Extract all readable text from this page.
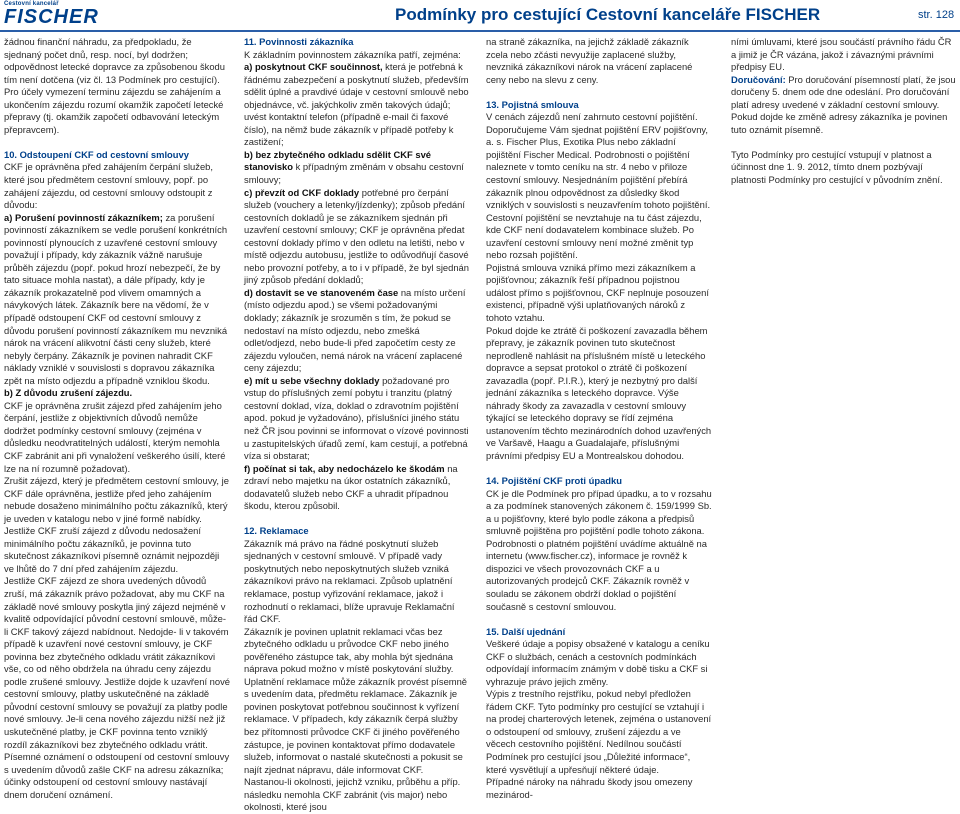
Cestovní kancelář
FISCHER	Podmínky pro cestující Cestovní kanceláře FISCHER	str. 128

žádnou finanční náhradu, za předpokladu, že sjednaný počet dnů, resp. nocí, byl dodržen; odpovědnost letecké dopravce za způsobenou škodu tím není dotčena (viz čl. 13 Podmínek pro cestující). Pro účely vymezení terminu zájezdu se zahájením a ukončením zájezdu rozumí okamžik započetí letecké přepravy (tj. okamžik započetí odbavování leteckým přepravcem).

10. Odstoupení CKF od cestovní smlouvy

CKF je oprávněna před zahájením čerpání služeb, které jsou předmětem cestovní smlouvy, popř. po zahájení zájezdu, od cestovní smlouvy odstoupit z důvodu:

a) Porušení povinností zákazníkem; za porušení povinností zákazníkem se vedle porušení konkrétních povinností plynoucích z uzavřené cestovní smlouvy považují i případy, kdy zákazník vážně narušuje průběh zájezdu (popř. pokud hrozí nebezpečí, že by tato situace mohla nastat), a dále případy, kdy je zákazník prokazatelně pod vlivem omamných a návykových látek. Zákazník bere na vědomí, že v případě odstoupení CKF od cestovní smlouvy z důvodu porušení povinností zákazníkem mu nevzniká nárok na vrácení alikvotní části ceny služeb, které nebyly čerpány. Zákazník je povinen nahradit CKF náklady vzniklé v souvislosti s dopravou zákazníka zpět na místo odjezdu a případně vzniklou škodu.

b) Z důvodu zrušení zájezdu.

CKF je oprávněna zrušit zájezd před zahájením jeho čerpání, jestliže z objektivních důvodů nemůže dodržet podmínky cestovní smlouvy (zejména v důsledku neodvratitelných událostí, kterým nemohla CKF zabránit ani při vynaložení veškerého úsilí, které lze na ní rozumně požadovat).

Zrušit zájezd, který je předmětem cestovní smlouvy, je CKF dále oprávněna, jestliže před jeho zahájením nebude dosaženo minimálního počtu zákazníků, který je uveden v katalogu nebo v jiné formě nabídky. Jestliže CKF zruší zájezd z důvodu nedosažení minimálního počtu zákazníků, je povinna tuto skutečnost zákazníkovi písemně oznámit nejpozději ve lhůtě do 7 dní před zahájením zájezdu.

Jestliže CKF zájezd ze shora uvedených důvodů zruší, má zákazník právo požadovat, aby mu CKF na základě nové smlouvy poskytla jiný zájezd nejméně v kvalitě odpovídající původní cestovní smlouvě, může-li CKF takový zájezd nabídnout. Nedojde- li v takovém případě k uzavření nové cestovní smlouvy, je CKF povinna bez zbytečného odkladu vrátit zákazníkovi vše, co od něho obdržela na úhradu ceny zájezdu podle zrušené smlouvy. Jestliže dojde k uzavření nové cestovní smlouvy, platby uskutečněné na základě původní cestovní smlouvy se považují za platby podle nové smlouvy. Je-li cena nového zájezdu nižší než již uskutečněné platby, je CKF povinna tento vzniklý rozdíl zákazníkovi bez zbytečného odkladu vrátit.

Písemné oznámení o odstoupení od cestovní smlouvy s uvedením důvodů zašle CKF na adresu zákazníka; účinky odstoupení od cestovní smlouvy nastávají dnem doručení oznámení.

11. Povinnosti zákazníka

K základním povinnostem zákazníka patří, zejména:

a) poskytnout CKF součinnost, která je potřebná k řádnému zabezpečení a poskytnutí služeb, především sdělit úplné a pravdivé údaje v cestovní smlouvě nebo objednávce, vč. jakýchkoliv změn takových údajů; uvést kontaktní telefon (případně e-mail či faxové číslo), na němž bude zákazník v případě potřeby k zastižení;

b) bez zbytečného odkladu sdělit CKF své stanovisko k případným změnám v obsahu cestovní smlouvy;

c) převzít od CKF doklady potřebné pro čerpání služeb (vouchery a letenky/jízdenky); způsob předání cestovních dokladů je se zákazníkem sjednán při uzavření cestovní smlouvy; CKF je oprávněna předat cestovní doklady přímo v den odletu na letišti, nebo v místě odjezdu autobusu, jestliže to odůvodňují časové nebo provozní potřeby, a to i v případě, že byl sjednán jiný způsob předání dokladů;

d) dostavit se ve stanoveném čase na místo určení (místo odjezdu apod.) se všemi požadovanými doklady; zákazník je srozuměn s tím, že pokud se nedostaví na místo odjezdu, nebo zmešká odlet/odjezd, nebo bude-li před započetím cesty ze zájezdu vyloučen, nemá nárok na vrácení zaplacené ceny zájezdu;

e) mít u sebe všechny doklady požadované pro vstup do příslušných zemí pobytu i tranzitu (platný cestovní doklad, víza, doklad o zdravotním pojištění apod. pokud je vyžadováno), příslušníci jiného státu než ČR jsou povinni se informovat o vízové povinnosti u zastupitelských úřadů zemí, kam cestují, a potřebná víza si obstarat;

f) počínat si tak, aby nedocházelo ke škodám na zdraví nebo majetku na úkor ostatních zákazníků, dodavatelů služeb nebo CKF a uhradit případnou škodu, kterou způsobil.

12. Reklamace

Zákazník má právo na řádné poskytnutí služeb sjednaných v cestovní smlouvě. V případě vady poskytnutých nebo neposkytnutých služeb vzniká zákazníkovi právo na reklamaci. Způsob uplatnění reklamace, postup vyřizování reklamace, jakož i rozhodnutí o reklamaci, blíže upravuje Reklamační řád CKF.

Zákazník je povinen uplatnit reklamaci včas bez zbytečného odkladu u průvodce CKF nebo jiného pověřeného zástupce tak, aby mohla být sjednána náprava pokud možno v místě poskytování služby. Uplatnění reklamace může zákazník provést písemně s uvedením data, předmětu reklamace. Zákazník je povinen poskytovat potřebnou součinnost k vyřízení reklamace. V případech, kdy zákazník čerpá služby bez přítomnosti průvodce CKF či jiného pověřeného zástupce, je povinen kontaktovat přímo dodavatele služeb, informovat o nastalé skutečnosti a pokusit se najít zjednat nápravu, dále informovat CKF.

Nastanou-li okolnosti, jejichž vzniku, průběhu a příp. následku nemohla CKF zabránit (vis major) nebo okolnosti, které jsou

na straně zákazníka, na jejichž základě zákazník zcela nebo zčásti nevyužije zaplacené služby, nevzniká zákazníkovi nárok na vrácení zaplacené ceny nebo na slevu z ceny.

13. Pojistná smlouva

V cenách zájezdů není zahrnuto cestovní pojištění. Doporučujeme Vám sjednat pojištění ERV pojišťovny, a. s. Fischer Plus, Exotika Plus nebo základní pojištění Fischer Medical. Podrobnosti o pojištění naleznete v tomto ceníku na str. 4 nebo v přiloze cestovní smlouvy. Nesjednáním pojištění přebírá zákazník plnou odpovědnost za důsledky škod vzniklých v souvislosti s neuzavřením tohoto pojištění. Cestovní pojištění se nevztahuje na tu část zájezdu, kde CKF není dodavatelem kombinace služeb. Po uzavření cestovní smlouvy není možné změnit typ nebo rozsah pojištění.

Pojistná smlouva vzniká přímo mezi zákazníkem a pojišťovnou; zákazník řeší případnou pojistnou událost přímo s pojišťovnou, CKF neplnuje posouzení existenci, případně výši uplatňovaných nároků z tohoto vztahu.

Pokud dojde ke ztrátě či poškození zavazadla během přepravy, je zákazník povinen tuto skutečnost neprodleně nahlásit na příslušném místě u leteckého dopravce a sepsat protokol o ztrátě či poškození zavazadla (popř. P.I.R.), který je nezbytný pro další jednání zákazníka s leteckého dopravce. Výše náhrady škody za zavazadla v cestovní smlouvy týkající se leteckého dopravy se řídí zejména ustanovením těchto mezinárodních dohod uzavřených ve Varšavě, Haagu a Guadalajaře, příslušnými právními předpisy EU a Montrealskou dohodou.

14. Pojištění CKF proti úpadku

CK je dle Podmínek pro případ úpadku, a to v rozsahu a za podmínek stanovených zákonem č. 159/1999 Sb. a u pojišťovny, které bylo podle zákona a předpisů smluvně pojištěna pro pojištění podle tohoto zákona. Podrobnosti o platném pojištění uvádíme aktuálně na internetu (www.fischer.cz), informace je rovněž k dispozici ve všech provozovnách CKF a u autorizovaných prodejců CKF. Zákazník rovněž v souladu se zákonem obdrží doklad o pojištění současně s cestovní smlouvou.

15. Další ujednání

Veškeré údaje a popisy obsažené v katalogu a ceníku CKF o službách, cenách a cestovních podmínkách odpovídají informacím známým v době tisku a CKF si vyhrazuje právo jejich změny.

Výpis z trestního rejstříku, pokud nebyl předložen řádem CKF. Tyto podmínky pro cestující se vztahují i na prodej charterových letenek, zejména o ustanovení o odstoupení od smlouvy, zrušení zájezdu a ve věcech cestovního pojištění. Nedílnou součástí Podmínek pro cestující jsou „Důležité informace“, které vysvětlují a upřesňují některé údaje.

Případné nároky na náhradu škody jsou omezeny mezinárod-

ními úmluvami, které jsou součástí právního řádu ČR a jimiž je ČR vázána, jakož i závaznými právními předpisy EU.

Doručování: Pro doručování písemností platí, že jsou doručeny 5. dnem ode dne odeslání. Pro doručování platí adresy uvedené v základní cestovní smlouvy. Pokud dojde ke změně adresy zákazníka je povinen tuto oznámit písemně.

Tyto Podmínky pro cestující vstupují v platnost a účinnost dne 1. 9. 2012, tímto dnem pozbývají platnosti Podmínky pro cestující v původním znění.
